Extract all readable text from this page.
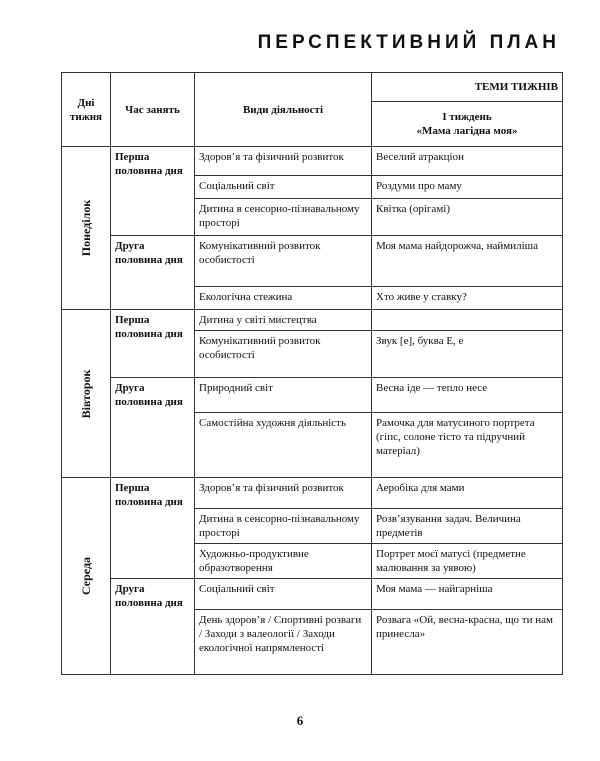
ПЕРСПЕКТИВНИЙ ПЛАН
Дні тижня	Час занять	Види діяльності	ТЕМИ ТИЖНІВ

			І тиждень
«Мама лагідна моя»

Понеділок	Перша половина дня	Здоров’я та фізичний розвиток	Веселий атракціон
		Соціальний світ	Роздуми про маму
		Дитина в сенсорно-пізнавальному просторі	Квітка (орігамі)
	Друга половина дня	Комунікативний розвиток особистості	Моя мама найдорожча, наймиліша
		Екологічна стежина	Хто живе у ставку?

Вівторок	Перша половина дня	Дитина у світі мистецтва	
		Комунікативний розвиток особистості	Звук [е], буква Е, е
	Друга половина дня	Природний світ	Весна іде — тепло несе
		Самостійна художня діяльність	Рамочка для матусиного портрета (гіпс, солоне тісто та підручний матеріал)

Середа	Перша половина дня	Здоров’я та фізичний розвиток	Аеробіка для мами
		Дитина в сенсорно-пізнавальному просторі	Розв’язування задач. Величина предметів
		Художньо-продуктивне образотворення	Портрет моєї матусі (предметне малювання за уявою)
	Друга половина дня	Соціальний світ	Моя мама — найгарніша
		День здоров’я / Спортивні розваги / Заходи з валеології / Заходи екологічної напрямленості	Розвага «Ой, весна-красна, що ти нам принесла»
6
